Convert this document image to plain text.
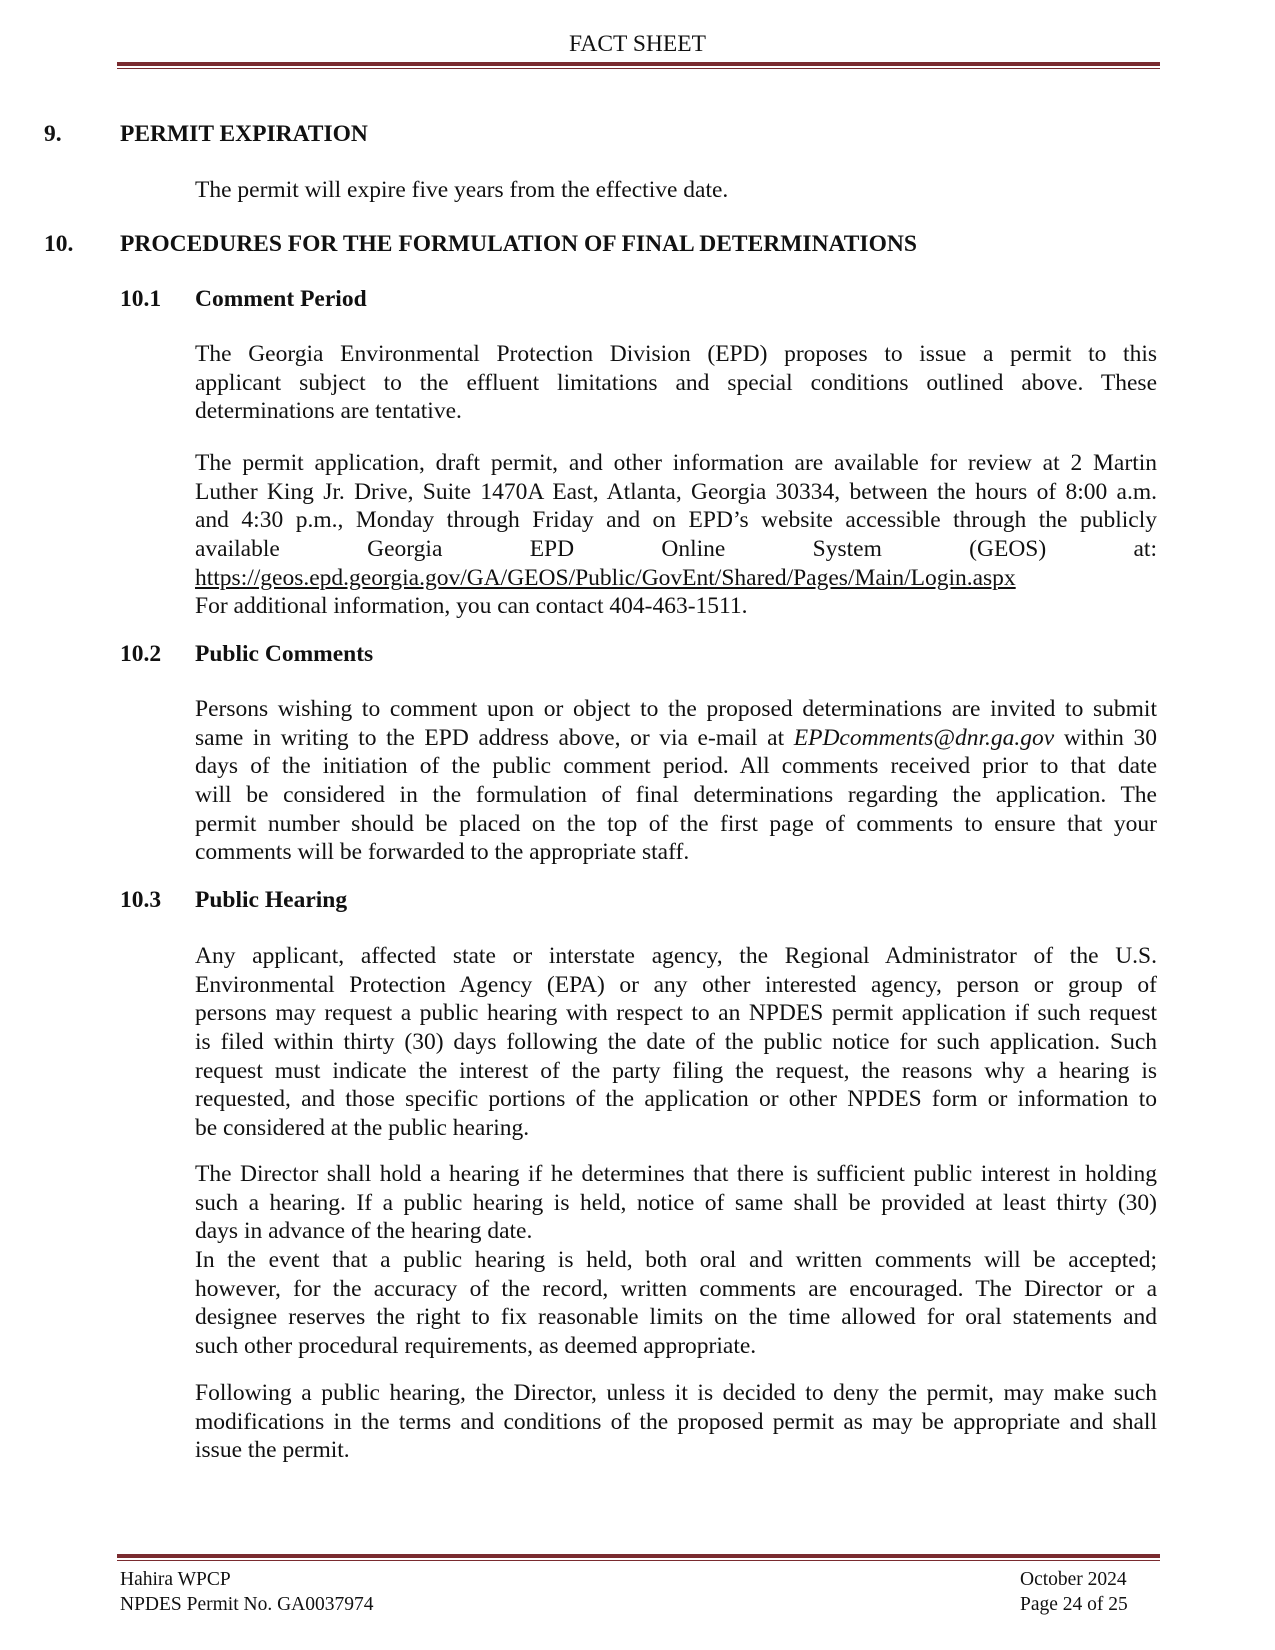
FACT SHEET
9. PERMIT EXPIRATION
The permit will expire five years from the effective date.
10. PROCEDURES FOR THE FORMULATION OF FINAL DETERMINATIONS
10.1 Comment Period
The Georgia Environmental Protection Division (EPD) proposes to issue a permit to this
applicant subject to the effluent limitations and special conditions outlined above. These
determinations are tentative.
The permit application, draft permit, and other information are available for review at 2 Martin
Luther King Jr. Drive, Suite 1470A East, Atlanta, Georgia 30334, between the hours of 8:00 a.m.
and 4:30 p.m., Monday through Friday and on EPD’s website accessible through the publicly
available Georgia EPD Online System (GEOS) at:
https://geos.epd.georgia.gov/GA/GEOS/Public/GovEnt/Shared/Pages/Main/Login.aspx
For additional information, you can contact 404-463-1511.
10.2 Public Comments
Persons wishing to comment upon or object to the proposed determinations are invited to submit
same in writing to the EPD address above, or via e-mail at EPDcomments@dnr.ga.gov within 30
days of the initiation of the public comment period. All comments received prior to that date
will be considered in the formulation of final determinations regarding the application. The
permit number should be placed on the top of the first page of comments to ensure that your
comments will be forwarded to the appropriate staff.
10.3 Public Hearing
Any applicant, affected state or interstate agency, the Regional Administrator of the U.S.
Environmental Protection Agency (EPA) or any other interested agency, person or group of
persons may request a public hearing with respect to an NPDES permit application if such request
is filed within thirty (30) days following the date of the public notice for such application. Such
request must indicate the interest of the party filing the request, the reasons why a hearing is
requested, and those specific portions of the application or other NPDES form or information to
be considered at the public hearing.
The Director shall hold a hearing if he determines that there is sufficient public interest in holding
such a hearing. If a public hearing is held, notice of same shall be provided at least thirty (30)
days in advance of the hearing date.
In the event that a public hearing is held, both oral and written comments will be accepted;
however, for the accuracy of the record, written comments are encouraged. The Director or a
designee reserves the right to fix reasonable limits on the time allowed for oral statements and
such other procedural requirements, as deemed appropriate.
Following a public hearing, the Director, unless it is decided to deny the permit, may make such
modifications in the terms and conditions of the proposed permit as may be appropriate and shall
issue the permit.
Hahira WPCP
NPDES Permit No. GA0037974
October 2024
Page 24 of 25
